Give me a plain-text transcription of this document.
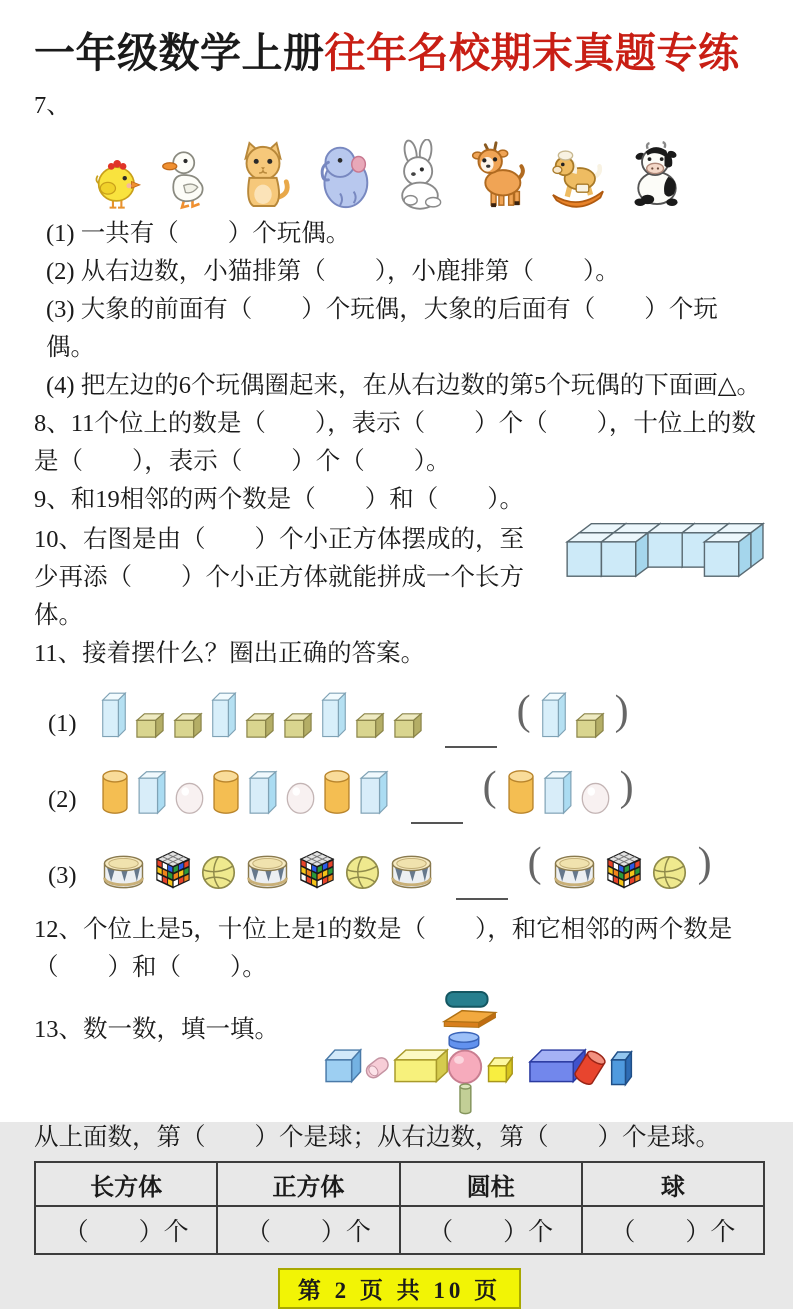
一年级数学上册往年名校期末真题专练
7、
(1) 一共有（　　）个玩偶。
(2) 从右边数，小猫排第（　　），小鹿排第（　　）。
(3) 大象的前面有（　　）个玩偶，大象的后面有（　　）个玩偶。
(4) 把左边的6个玩偶圈起来，在从右边数的第5个玩偶的下面画△。
8、11个位上的数是（　　），表示（　　）个（　　），十位上的数是（　　），表示（　　）个（　　）。
9、和19相邻的两个数是（　　）和（　　）。
10、右图是由（　　）个小正方体摆成的，至少再添（　　）个小正方体就能拼成一个长方体。
11、接着摆什么？圈出正确的答案。
(1)	( )
(2)	(	)
(3)	(	)
12、个位上是5，十位上是1的数是（　　），和它相邻的两个数是（　　）和（　　）。
13、数一数，填一填。
从上面数，第（　　）个是球；从右边数，第（　　）个是球。
长方体	正方体	圆柱	球
（　　）个	（　　）个	（　　）个	（　　）个
第 2 页 共 10 页
